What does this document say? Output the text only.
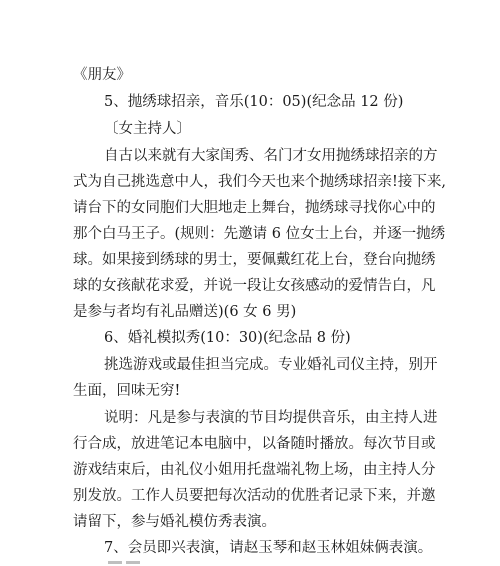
《朋友》
5、抛绣球招亲，音乐(10：05)(纪念品 12 份)
〔女主持人〕
自古以来就有大家闺秀、名门才女用抛绣球招亲的方
式为自己挑选意中人，我们今天也来个抛绣球招亲!接下来,
请台下的女同胞们大胆地走上舞台，抛绣球寻找你心中的
那个白马王子。(规则：先邀请 6 位女士上台，并逐一抛绣
球。如果接到绣球的男士，要佩戴红花上台，登台向抛绣
球的女孩献花求爱，并说一段让女孩感动的爱情告白，凡
是参与者均有礼品赠送)(6 女 6 男)
6、婚礼模拟秀(10：30)(纪念品 8 份)
挑选游戏或最佳担当完成。专业婚礼司仪主持，别开
生面，回味无穷!
说明：凡是参与表演的节目均提供音乐，由主持人进
行合成，放进笔记本电脑中，以备随时播放。每次节目或
游戏结束后，由礼仪小姐用托盘端礼物上场，由主持人分
别发放。工作人员要把每次活动的优胜者记录下来，并邀
请留下，参与婚礼模仿秀表演。
7、会员即兴表演，请赵玉琴和赵玉林姐妹俩表演。
